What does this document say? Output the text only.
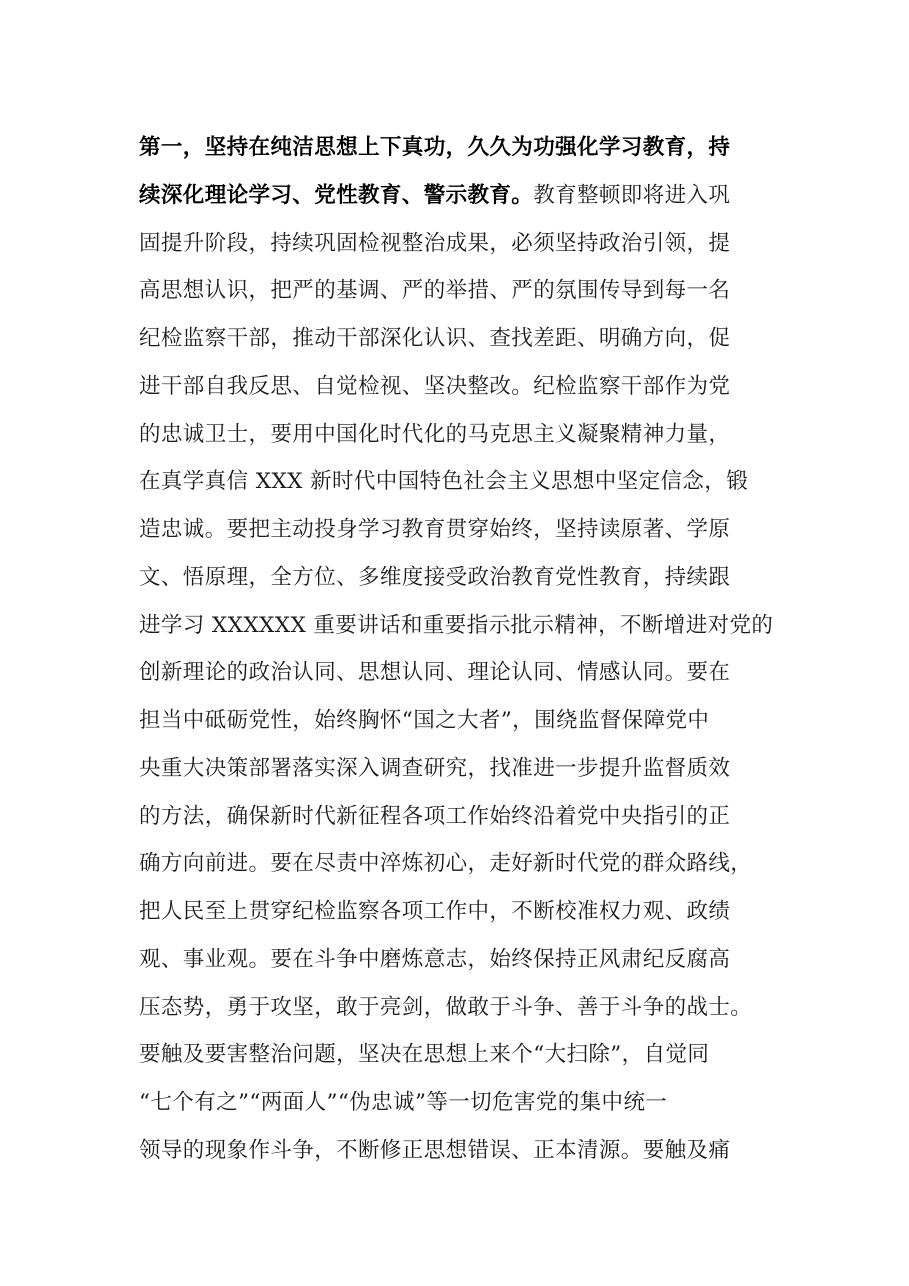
第一，坚持在纯洁思想上下真功，久久为功强化学习教育，持
续深化理论学习、党性教育、警示教育。教育整顿即将进入巩
固提升阶段，持续巩固检视整治成果，必须坚持政治引领，提
高思想认识，把严的基调、严的举措、严的氛围传导到每一名
纪检监察干部，推动干部深化认识、查找差距、明确方向，促
进干部自我反思、自觉检视、坚决整改。纪检监察干部作为党
的忠诚卫士，要用中国化时代化的马克思主义凝聚精神力量，
在真学真信 XXX 新时代中国特色社会主义思想中坚定信念，锻
造忠诚。要把主动投身学习教育贯穿始终，坚持读原著、学原
文、悟原理，全方位、多维度接受政治教育党性教育，持续跟
进学习 XXXXXX 重要讲话和重要指示批示精神，不断增进对党的
创新理论的政治认同、思想认同、理论认同、情感认同。要在
担当中砥砺党性，始终胸怀“国之大者”，围绕监督保障党中
央重大决策部署落实深入调查研究，找准进一步提升监督质效
的方法，确保新时代新征程各项工作始终沿着党中央指引的正
确方向前进。要在尽责中淬炼初心，走好新时代党的群众路线，
把人民至上贯穿纪检监察各项工作中，不断校准权力观、政绩
观、事业观。要在斗争中磨炼意志，始终保持正风肃纪反腐高
压态势，勇于攻坚，敢于亮剑，做敢于斗争、善于斗争的战士。
要触及要害整治问题，坚决在思想上来个“大扫除”，自觉同
“七个有之”“两面人”“伪忠诚”等一切危害党的集中统一
领导的现象作斗争，不断修正思想错误、正本清源。要触及痛
